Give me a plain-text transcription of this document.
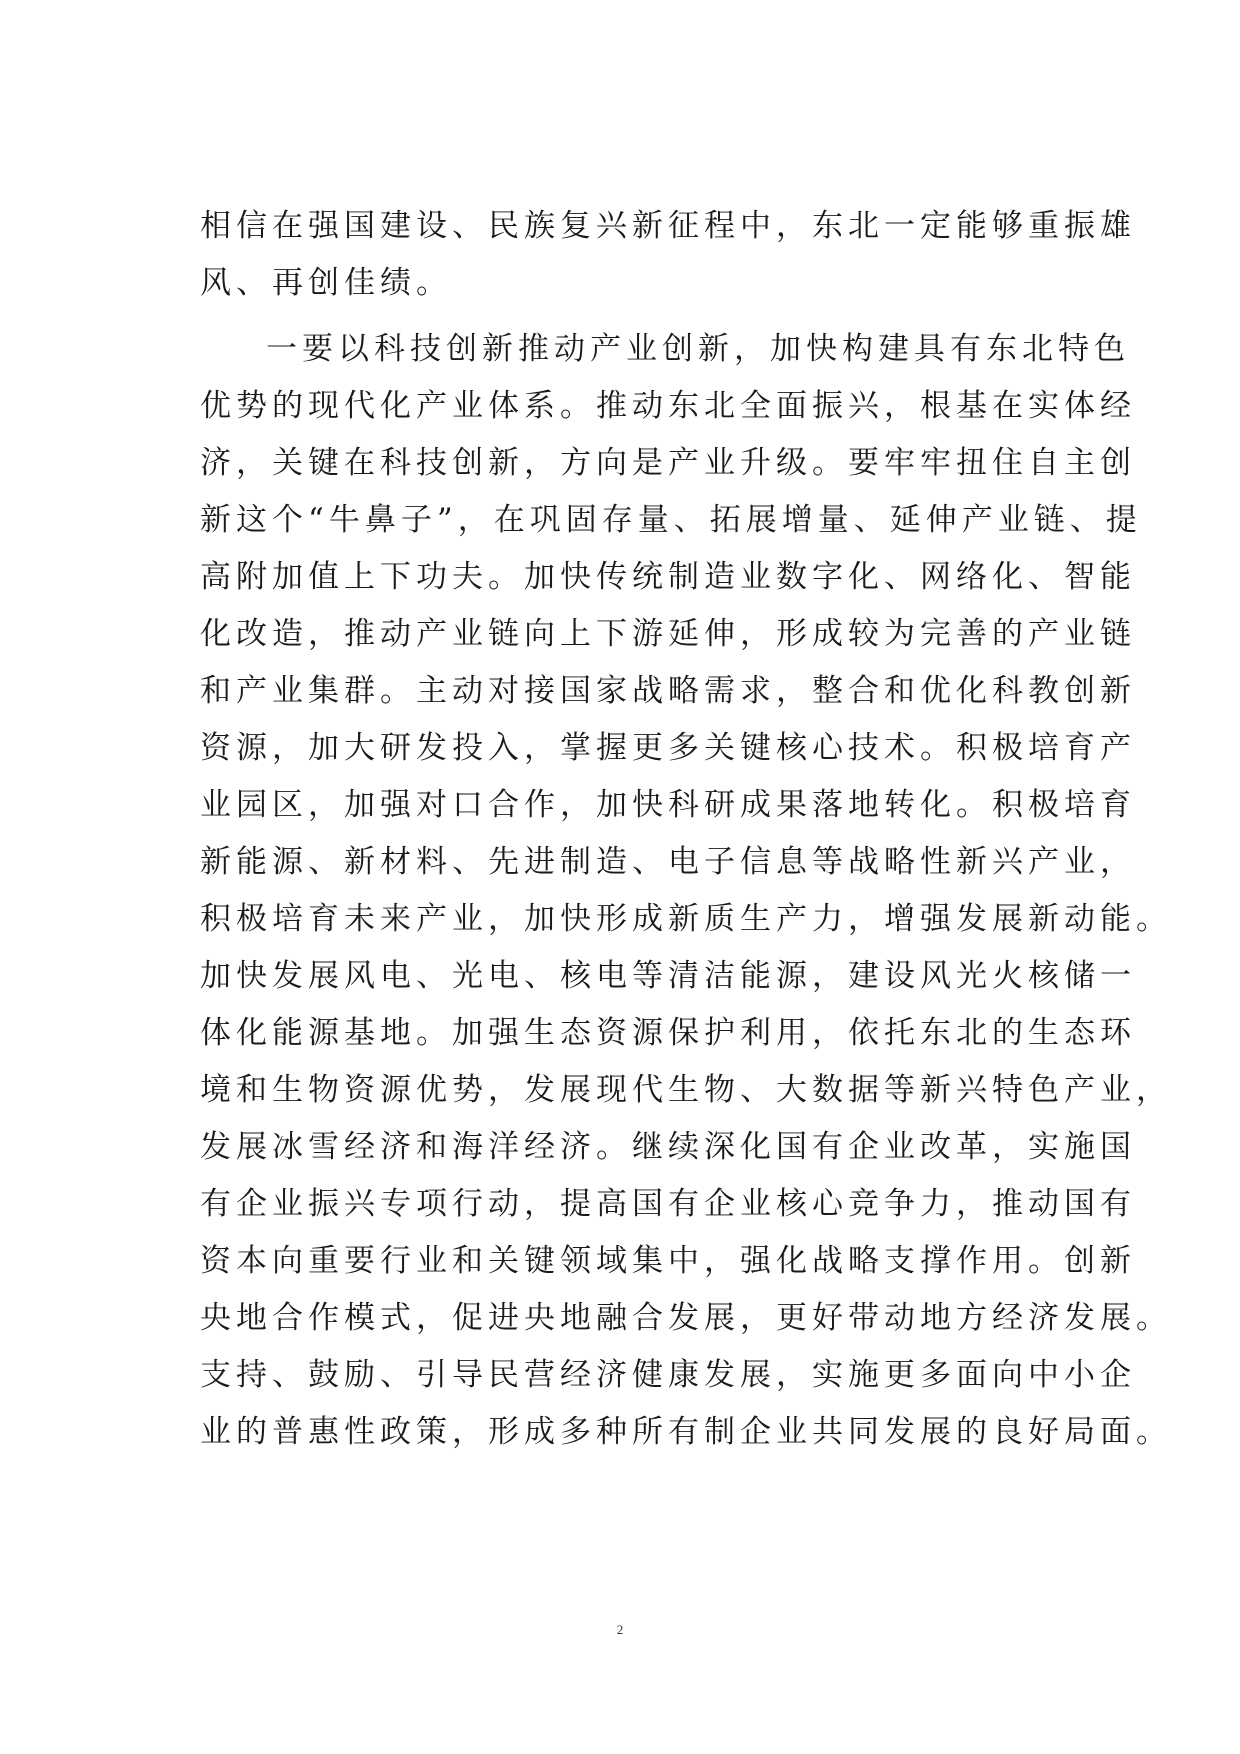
相信在强国建设、民族复兴新征程中，东北一定能够重振雄
风、再创佳绩。
一要以科技创新推动产业创新，加快构建具有东北特色
优势的现代化产业体系。推动东北全面振兴，根基在实体经
济，关键在科技创新，方向是产业升级。要牢牢扭住自主创
新这个“牛鼻子”，在巩固存量、拓展增量、延伸产业链、提
高附加值上下功夫。加快传统制造业数字化、网络化、智能
化改造，推动产业链向上下游延伸，形成较为完善的产业链
和产业集群。主动对接国家战略需求，整合和优化科教创新
资源，加大研发投入，掌握更多关键核心技术。积极培育产
业园区，加强对口合作，加快科研成果落地转化。积极培育
新能源、新材料、先进制造、电子信息等战略性新兴产业，
积极培育未来产业，加快形成新质生产力，增强发展新动能。
加快发展风电、光电、核电等清洁能源，建设风光火核储一
体化能源基地。加强生态资源保护利用，依托东北的生态环
境和生物资源优势，发展现代生物、大数据等新兴特色产业，
发展冰雪经济和海洋经济。继续深化国有企业改革，实施国
有企业振兴专项行动，提高国有企业核心竞争力，推动国有
资本向重要行业和关键领域集中，强化战略支撑作用。创新
央地合作模式，促进央地融合发展，更好带动地方经济发展。
支持、鼓励、引导民营经济健康发展，实施更多面向中小企
业的普惠性政策，形成多种所有制企业共同发展的良好局面。
2
